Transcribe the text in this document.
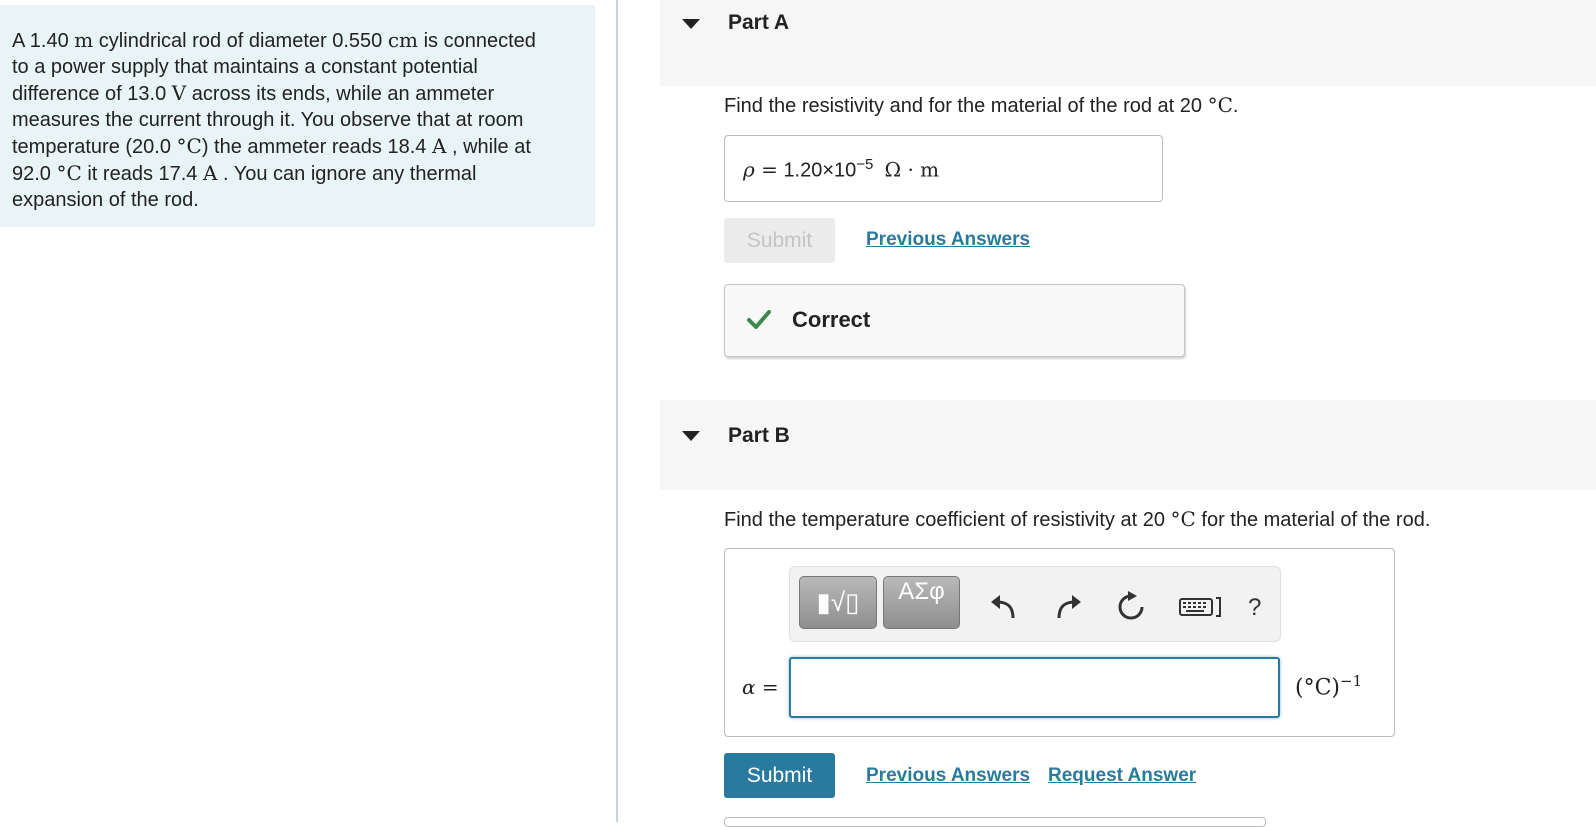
A 1.40 m cylindrical rod of diameter 0.550 cm is connected
to a power supply that maintains a constant potential
difference of 13.0 V across its ends, while an ammeter
measures the current through it. You observe that at room
temperature (20.0 °C) the ammeter reads 18.4 A , while at
92.0 °C it reads 17.4 A . You can ignore any thermal
expansion of the rod.
Part A
Find the resistivity and for the material of the rod at 20 °C.
$\rho = 1.20\times 10^{-5}$ Ω · m
Submit	Previous Answers
Correct
Part B
Find the temperature coefficient of resistivity at 20 °C for the material of the rod.
▮√▯	ΑΣφ
?
α =	$(^\circ C)^{-1}$
Submit	Previous Answers Request Answer
